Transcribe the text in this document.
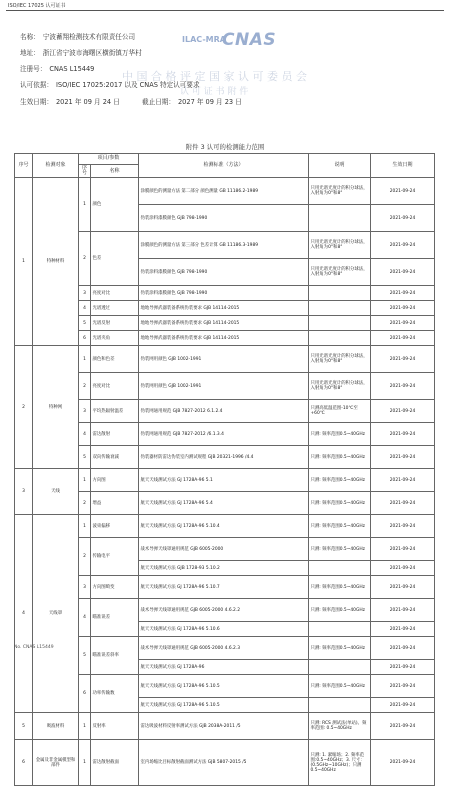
ISO/IEC 17025 认可证书
中 国 合 格 评 定 国 家 认 可 委 员 会
认 可 证 书 附 件
ILAC-MRA
CNAS
名称： 宁波蓄翔检测技术有限责任公司
地址： 浙江省宁波市海曙区横街镇万华村
注册号： CNAS L15449
认可依据： ISO/IEC 17025:2017 以及 CNAS 特定认可要求
生效日期： 2021 年 09 月 24 日	截止日期： 2027 年 09 月 23 日
附件 3 认可的检测能力范围
序号	检测对象	项目/参数		检测标准（方法）	说明	生效日期
		序号	名称			
1	特种材料	1	颜色	涂膜颜色的测量方法 第二部分 颜色测量 GB 11186.2-1989	只用光谱光度计的积分球法，入射角为0°和8°	2021-09-24
				伪装涂料漆膜颜色 GJB 798-1990		2021-09-24
		2	色差	涂膜颜色的测量方法 第三部分 色差计算 GB 11186.3-1989	只用光谱光度计的积分球法，入射角为0°和8°	2021-09-24
				伪装涂料漆膜颜色 GJB 798-1990	只用光谱光度计的积分球法，入射角为0°和8°	2021-09-24
		3	亮度对比	伪装涂料漆膜颜色 GJB 798-1990		2021-09-24
		4	光谱透过	地地导弹武器装备系统伪装要求 GJB 14114-2015		2021-09-24
		5	光谱反射	地地导弹武器装备系统伪装要求 GJB 14114-2015		2021-09-24
		6	光谱夹角	地地导弹武器装备系统伪装要求 GJB 14114-2015		2021-09-24
2	特种网	1	颜色和色差	伪装网用颜色 GJB 1002-1991	只用光谱光度计的积分球法，入射角为0°和8°	2021-09-24
		2	亮度对比	伪装网用颜色 GJB 1002-1991	只用光谱光度计的积分球法，入射角为0°和8°	2021-09-24
		3	平均热辐射温差	伪装网通用规范 GJB 7827-2012 6.1.2.4	只测高低温范围-10℃至+60℃	2021-09-24
		4	雷达散射	伪装网通用规范 GJB 7827-2012 /6.1.3.4	只测: 频率范围0.5~40GHz	2021-09-24
		5	双向传输衰减	伪装器材防雷达伪装室内测试规程 GJB 20321-1996 /4.4	只测: 频率范围0.5~40GHz	2021-09-24
3	天线	1	方向图	航天天线测试方法 GJ 1728A-96 5.1	只测: 频率范围0.5~40GHz	2021-09-24
		2	增益	航天天线测试方法 GJ 1728A-96 5.4	只测: 频率范围0.5~40GHz	2021-09-24
4	天线罩	1	波束偏移	航天天线测试方法 GJ 1728A-96 5.10.4	只测: 频率范围0.5~40GHz	2021-09-24
		2	传输电平	战术导弹天线罩通用规范 GJB 6005-2000	只测: 频率范围0.5~40GHz	2021-09-24
				航天天线测试方法 GJB 1728-93 5.10.2		2021-09-24
		3	方向图畸变	航天天线测试方法 GJ 1728A-96 5.10.7	只测: 频率范围0.5~40GHz	2021-09-24
		4	瞄准误差	战术导弹天线罩通用规范 GJB 6005-2000 4.6.2.2	只测: 频率范围0.5~40GHz	2021-09-24
				航天天线测试方法 GJ 1728A-96 5.10.6		2021-09-24
		5	瞄准误差斜率	战术导弹天线罩通用规范 GJB 6005-2000 4.6.2.3	只测: 频率范围0.5~40GHz	2021-09-24
				航天天线测试方法 GJ 1728A-96		2021-09-24
		6	功率传输数	航天天线测试方法 GJ 1728A-96 5.10.5	只测: 频率范围0.5~40GHz	2021-09-24
				航天天线测试方法 GJ 1728A-96 5.10.5		2021-09-24
5	吸波材料	1	反射率	雷达吸波材料反射率测试方法 GJB 2038A-2011 /5	只测: RCS 测试法(单站)。频率范围: 0.5~40GHz	2021-09-24
6	金属及非金属模型和部件	1	雷达散射截面	室内场缩比目标散射截面测试方法 GJB 5807-2015 /5	只测: 1. 紧缩场；2. 频率范围:0.5~40GHz；3. 尺寸：(0.5GHz~10GHz)；只测0.5~40GHz	2021-09-24
No. CNAS L15449
